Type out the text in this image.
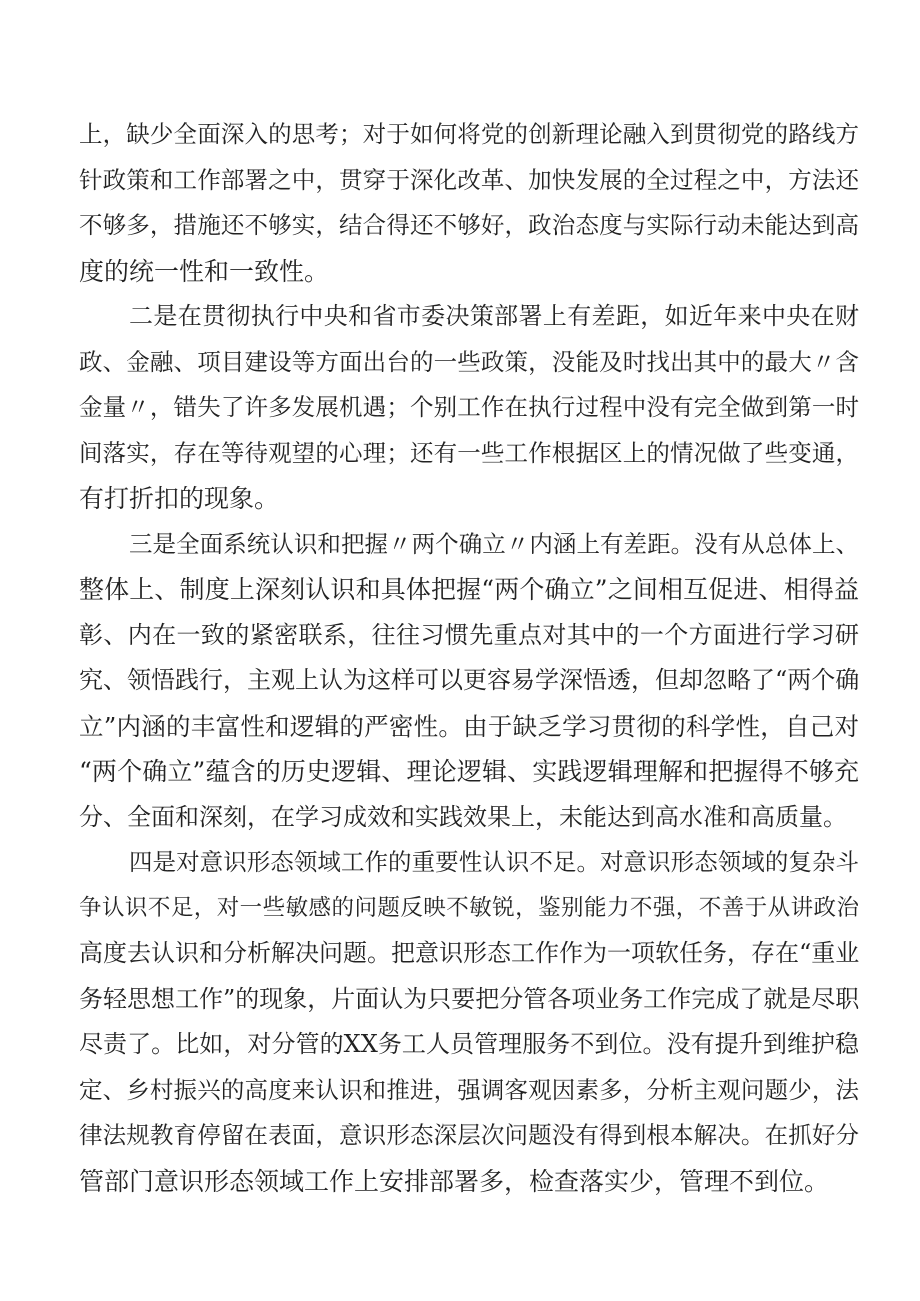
上，缺少全面深入的思考；对于如何将党的创新理论融入到贯彻党的路线方
针政策和工作部署之中，贯穿于深化改革、加快发展的全过程之中，方法还
不够多，措施还不够实，结合得还不够好，政治态度与实际行动未能达到高
度的统一性和一致性。
二是在贯彻执行中央和省市委决策部署上有差距，如近年来中央在财
政、金融、项目建设等方面出台的一些政策，没能及时找出其中的最大〃含
金量〃，错失了许多发展机遇；个别工作在执行过程中没有完全做到第一时
间落实，存在等待观望的心理；还有一些工作根据区上的情况做了些变通，
有打折扣的现象。
三是全面系统认识和把握〃两个确立〃内涵上有差距。没有从总体上、
整体上、制度上深刻认识和具体把握“两个确立”之间相互促进、相得益
彰、内在一致的紧密联系，往往习惯先重点对其中的一个方面进行学习研
究、领悟践行，主观上认为这样可以更容易学深悟透，但却忽略了“两个确
立”内涵的丰富性和逻辑的严密性。由于缺乏学习贯彻的科学性，自己对
“两个确立”蕴含的历史逻辑、理论逻辑、实践逻辑理解和把握得不够充
分、全面和深刻，在学习成效和实践效果上，未能达到高水准和高质量。
四是对意识形态领域工作的重要性认识不足。对意识形态领域的复杂斗
争认识不足，对一些敏感的问题反映不敏锐，鉴别能力不强，不善于从讲政治
高度去认识和分析解决问题。把意识形态工作作为一项软任务，存在“重业
务轻思想工作”的现象，片面认为只要把分管各项业务工作完成了就是尽职
尽责了。比如，对分管的XX务工人员管理服务不到位。没有提升到维护稳
定、乡村振兴的高度来认识和推进，强调客观因素多，分析主观问题少，法
律法规教育停留在表面，意识形态深层次问题没有得到根本解决。在抓好分
管部门意识形态领域工作上安排部署多，检查落实少，管理不到位。
